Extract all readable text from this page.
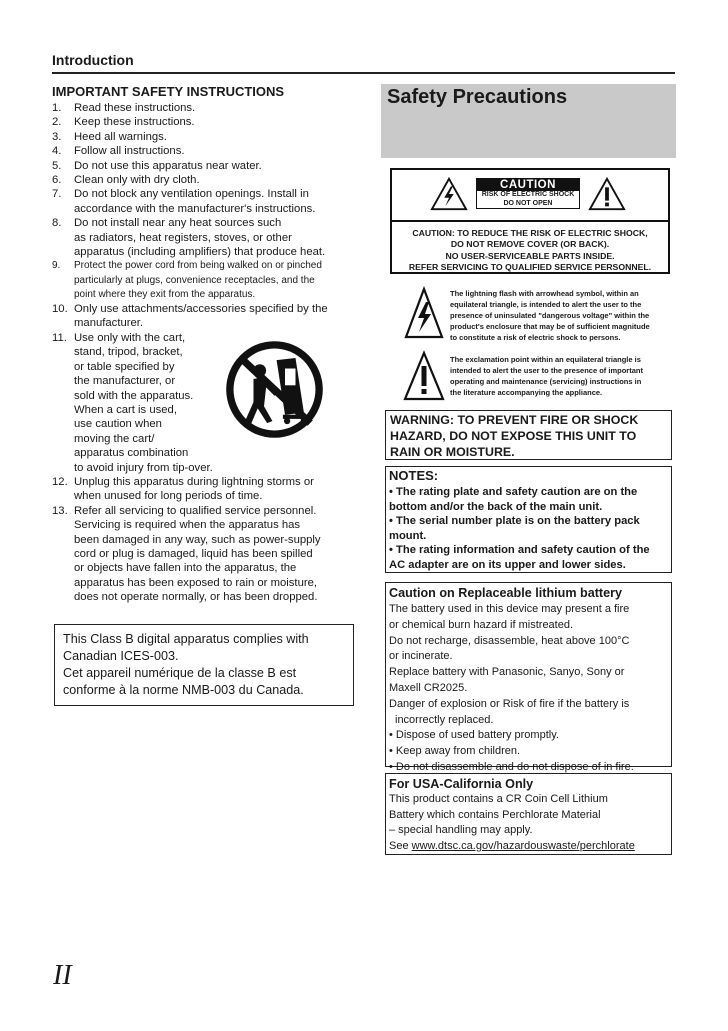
Introduction
IMPORTANT SAFETY INSTRUCTIONS
1. Read these instructions.
2. Keep these instructions.
3. Heed all warnings.
4. Follow all instructions.
5. Do not use this apparatus near water.
6. Clean only with dry cloth.
7. Do not block any ventilation openings. Install in
accordance with the manufacturer's instructions.
8. Do not install near any heat sources such
as radiators, heat registers, stoves, or other
apparatus (including amplifiers) that produce heat.
9. Protect the power cord from being walked on or pinched
particularly at plugs, convenience receptacles, and the
point where they exit from the apparatus.
10. Only use attachments/accessories specified by the
manufacturer.
11. Use only with the cart,
stand, tripod, bracket,
or table specified by
the manufacturer, or
sold with the apparatus.
When a cart is used,
use caution when
moving the cart/
apparatus combination
to avoid injury from tip-over.
12. Unplug this apparatus during lightning storms or
when unused for long periods of time.
13. Refer all servicing to qualified service personnel.
Servicing is required when the apparatus has
been damaged in any way, such as power-supply
cord or plug is damaged, liquid has been spilled
or objects have fallen into the apparatus, the
apparatus has been exposed to rain or moisture,
does not operate normally, or has been dropped.
This Class B digital apparatus complies with
Canadian ICES-003.
Cet appareil numérique de la classe B est
conforme à la norme NMB-003 du Canada.
Safety Precautions
CAUTION
RISK OF ELECTRIC SHOCK
DO NOT OPEN
CAUTION: TO REDUCE THE RISK OF ELECTRIC SHOCK,
DO NOT REMOVE COVER (OR BACK).
NO USER-SERVICEABLE PARTS INSIDE.
REFER SERVICING TO QUALIFIED SERVICE PERSONNEL.
The lightning flash with arrowhead symbol, within an
equilateral triangle, is intended to alert the user to the
presence of uninsulated "dangerous voltage" within the
product's enclosure that may be of sufficient magnitude
to constitute a risk of electric shock to persons.
The exclamation point within an equilateral triangle is
intended to alert the user to the presence of important
operating and maintenance (servicing) instructions in
the literature accompanying the appliance.
WARNING: TO PREVENT FIRE OR SHOCK
HAZARD, DO NOT EXPOSE THIS UNIT TO
RAIN OR MOISTURE.
NOTES:
• The rating plate and safety caution are on the
bottom and/or the back of the main unit.
• The serial number plate is on the battery pack
mount.
• The rating information and safety caution of the
AC adapter are on its upper and lower sides.
Caution on Replaceable lithium battery
The battery used in this device may present a fire
or chemical burn hazard if mistreated.
Do not recharge, disassemble, heat above 100°C
or incinerate.
Replace battery with Panasonic, Sanyo, Sony or
Maxell CR2025.
Danger of explosion or Risk of fire if the battery is
incorrectly replaced.
• Dispose of used battery promptly.
• Keep away from children.
• Do not disassemble and do not dispose of in fire.
For USA-California Only
This product contains a CR Coin Cell Lithium
Battery which contains Perchlorate Material
– special handling may apply.
See www.dtsc.ca.gov/hazardouswaste/perchlorate
II
